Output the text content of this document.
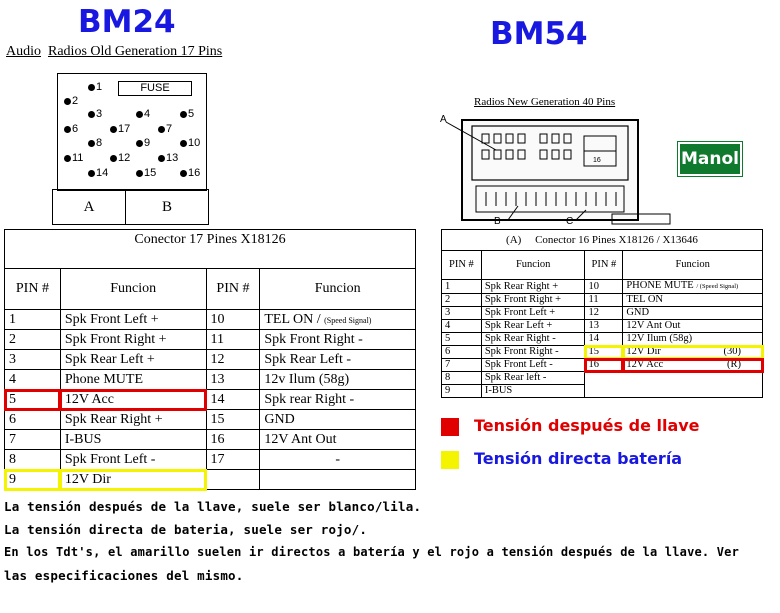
BM24
Audio Radios Old Generation 17 Pins
FUSE
1
2
3	4	5
6	17	7
8	9	10
11	12	13
14	15	16
A	B
Conector 17 Pines X18126			
PIN #	Funcion	PIN #	Funcion
1	Spk Front Left +	10	TEL ON / (Speed Signal)
2	Spk Front Right +	11	Spk Front Right -
3	Spk Rear Left +	12	Spk Rear Left -
4	Phone MUTE	13	12v Ilum (58g)
5	12V Acc	14	Spk rear Right -
6	Spk Rear Right +	15	GND
7	I-BUS	16	12V Ant Out
8	Spk Front Left -	17	-
9	12V Dir		
BM54
Radios New Generation 40 Pins
A
B	C
16	Manol
(A) Conector 16 Pines X18126 / X13646			
PIN #	Funcion	PIN #	Funcion
1	Spk Rear Right +	10	PHONE MUTE / (Speed Signal)
2	Spk Front Right +	11	TEL ON
3	Spk Front Left +	12	GND
4	Spk Rear Left +	13	12V Ant Out
5	Spk Rear Right -	14	12V Ilum (58g)
6	Spk Front Right -	15	12V Dir (30)

7	Spk Front Left -	16	12V Acc (R)

8	Spk Rear left -		
9	I-BUS		
Tensión después de llave
Tensión directa batería
La tensión después de la llave, suele ser blanco/lila.
La tensión directa de bateria, suele ser rojo/.
En los Tdt's, el amarillo suelen ir directos a batería y el rojo a tensión después de la llave. Ver
las especificaciones del mismo.
